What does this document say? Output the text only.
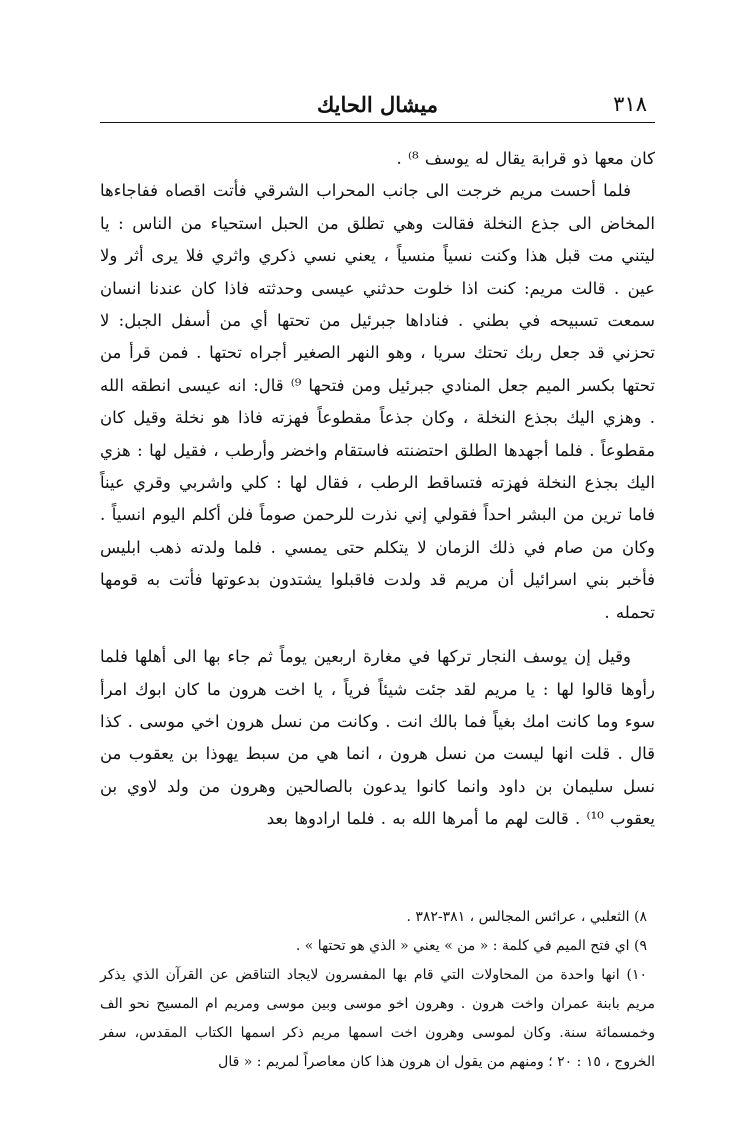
٣١٨
ميشال الحايك

كان معها ذو قرابة يقال له يوسف ⁸⁾ .

فلما أحست مريم خرجت الى جانب المحراب الشرقي فأتت اقصاه ففاجاءها المخاض الى جذع النخلة فقالت وهي تطلق من الحبل استحياء من الناس : يا ليتني مت قبل هذا وكنت نسياً منسياً ، يعني نسي ذكري واثري فلا يرى أثر ولا عين . قالت مريم: كنت اذا خلوت حدثني عيسى وحدثته فاذا كان عندنا انسان سمعت تسبيحه في بطني . فناداها جبرئيل من تحتها أي من أسفل الجبل: لا تحزني قد جعل ربك تحتك سريا ، وهو النهر الصغير أجراه تحتها . فمن قرأ من تحتها بكسر الميم جعل المنادي جبرئيل ومن فتحها ⁹⁾ قال: انه عيسى انطقه الله . وهزي اليك بجذع النخلة ، وكان جذعاً مقطوعاً فهزته فاذا هو نخلة وقيل كان مقطوعاً . فلما أجهدها الطلق احتضنته فاستقام واخضر وأرطب ، فقيل لها : هزي اليك بجذع النخلة فهزته فتساقط الرطب ، فقال لها : كلي واشربي وقري عيناً فاما ترين من البشر احداً فقولي إني نذرت للرحمن صوماً فلن أكلم اليوم انسياً . وكان من صام في ذلك الزمان لا يتكلم حتى يمسي . فلما ولدته ذهب ابليس فأخبر بني اسرائيل أن مريم قد ولدت فاقبلوا يشتدون بدعوتها فأتت به قومها تحمله .

وقيل إن يوسف النجار تركها في مغارة اربعين يوماً ثم جاء بها الى أهلها فلما رأوها قالوا لها : يا مريم لقد جئت شيئاً فرياً ، يا اخت هرون ما كان ابوك امرأ سوء وما كانت امك بغياً فما بالك انت . وكانت من نسل هرون اخي موسى . كذا قال . قلت انها ليست من نسل هرون ، انما هي من سبط يهوذا بن يعقوب من نسل سليمان بن داود وانما كانوا يدعون بالصالحين وهرون من ولد لاوي بن يعقوب ¹⁰⁾ . قالت لهم ما أمرها الله به . فلما ارادوها بعد

٨) الثعلبي ، عرائس المجالس ، ٣٨١-٣٨٢ .

٩) اي فتح الميم في كلمة : « من » يعني « الذي هو تحتها » .

١٠) انها واحدة من المحاولات التي قام بها المفسرون لايجاد التناقض عن القرآن الذي يذكر مريم بابنة عمران واخت هرون . وهرون اخو موسى وبين موسى ومريم ام المسيح نحو الف وخمسمائة سنة. وكان لموسى وهرون اخت اسمها مريم ذكر اسمها الكتاب المقدس، سفر الخروج ، ١٥ : ٢٠ ؛ ومنهم من يقول ان هرون هذا كان معاصراً لمريم : « قال
